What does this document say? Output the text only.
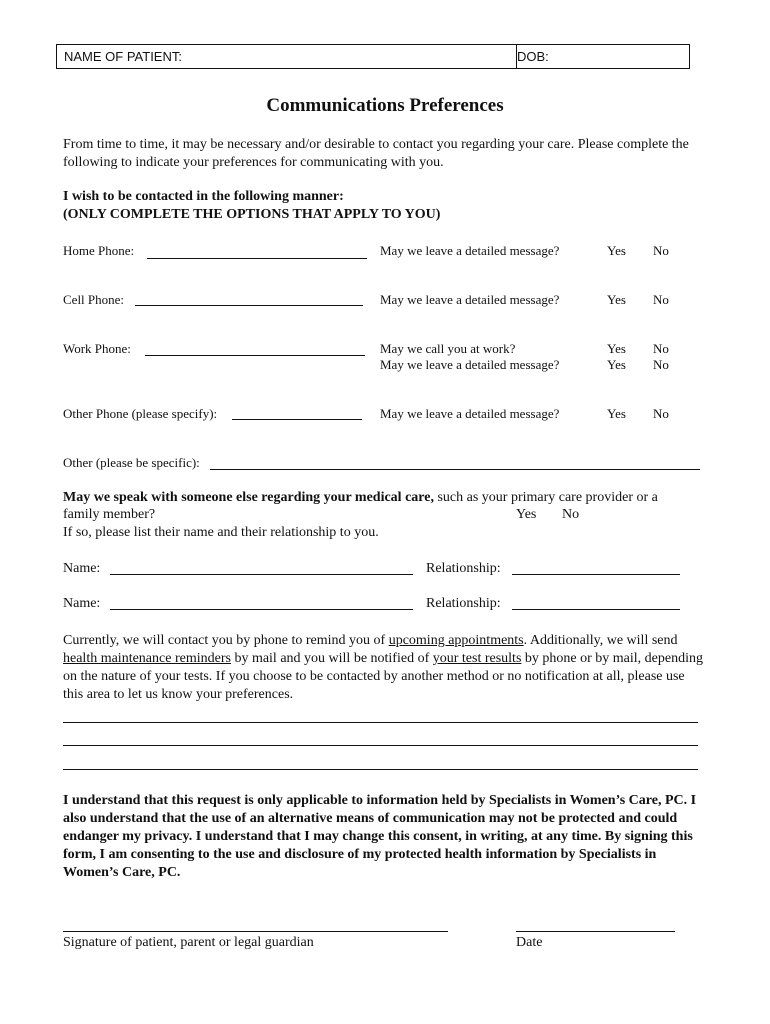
NAME OF PATIENT:	DOB:
Communications Preferences
From time to time, it may be necessary and/or desirable to contact you regarding your care. Please complete the following to indicate your preferences for communicating with you.
I wish to be contacted in the following manner:
(ONLY COMPLETE THE OPTIONS THAT APPLY TO YOU)
Home Phone:	May we leave a detailed message?	Yes No
Cell Phone:	May we leave a detailed message?	Yes No
Work Phone:	May we call you at work?	Yes No
May we leave a detailed message?	Yes No
Other Phone (please specify):	May we leave a detailed message?	Yes No
Other (please be specific):
May we speak with someone else regarding your medical care, such as your primary care provider or a
family member?	Yes No
If so, please list their name and their relationship to you.
Name:	Relationship:
Name:	Relationship:
Currently, we will contact you by phone to remind you of upcoming appointments. Additionally, we will send health maintenance reminders by mail and you will be notified of your test results by phone or by mail, depending on the nature of your tests. If you choose to be contacted by another method or no notification at all, please use this area to let us know your preferences.
I understand that this request is only applicable to information held by Specialists in Women’s Care, PC. I also understand that the use of an alternative means of communication may not be protected and could endanger my privacy. I understand that I may change this consent, in writing, at any time. By signing this form, I am consenting to the use and disclosure of my protected health information by Specialists in Women’s Care, PC.
Signature of patient, parent or legal guardian	Date
